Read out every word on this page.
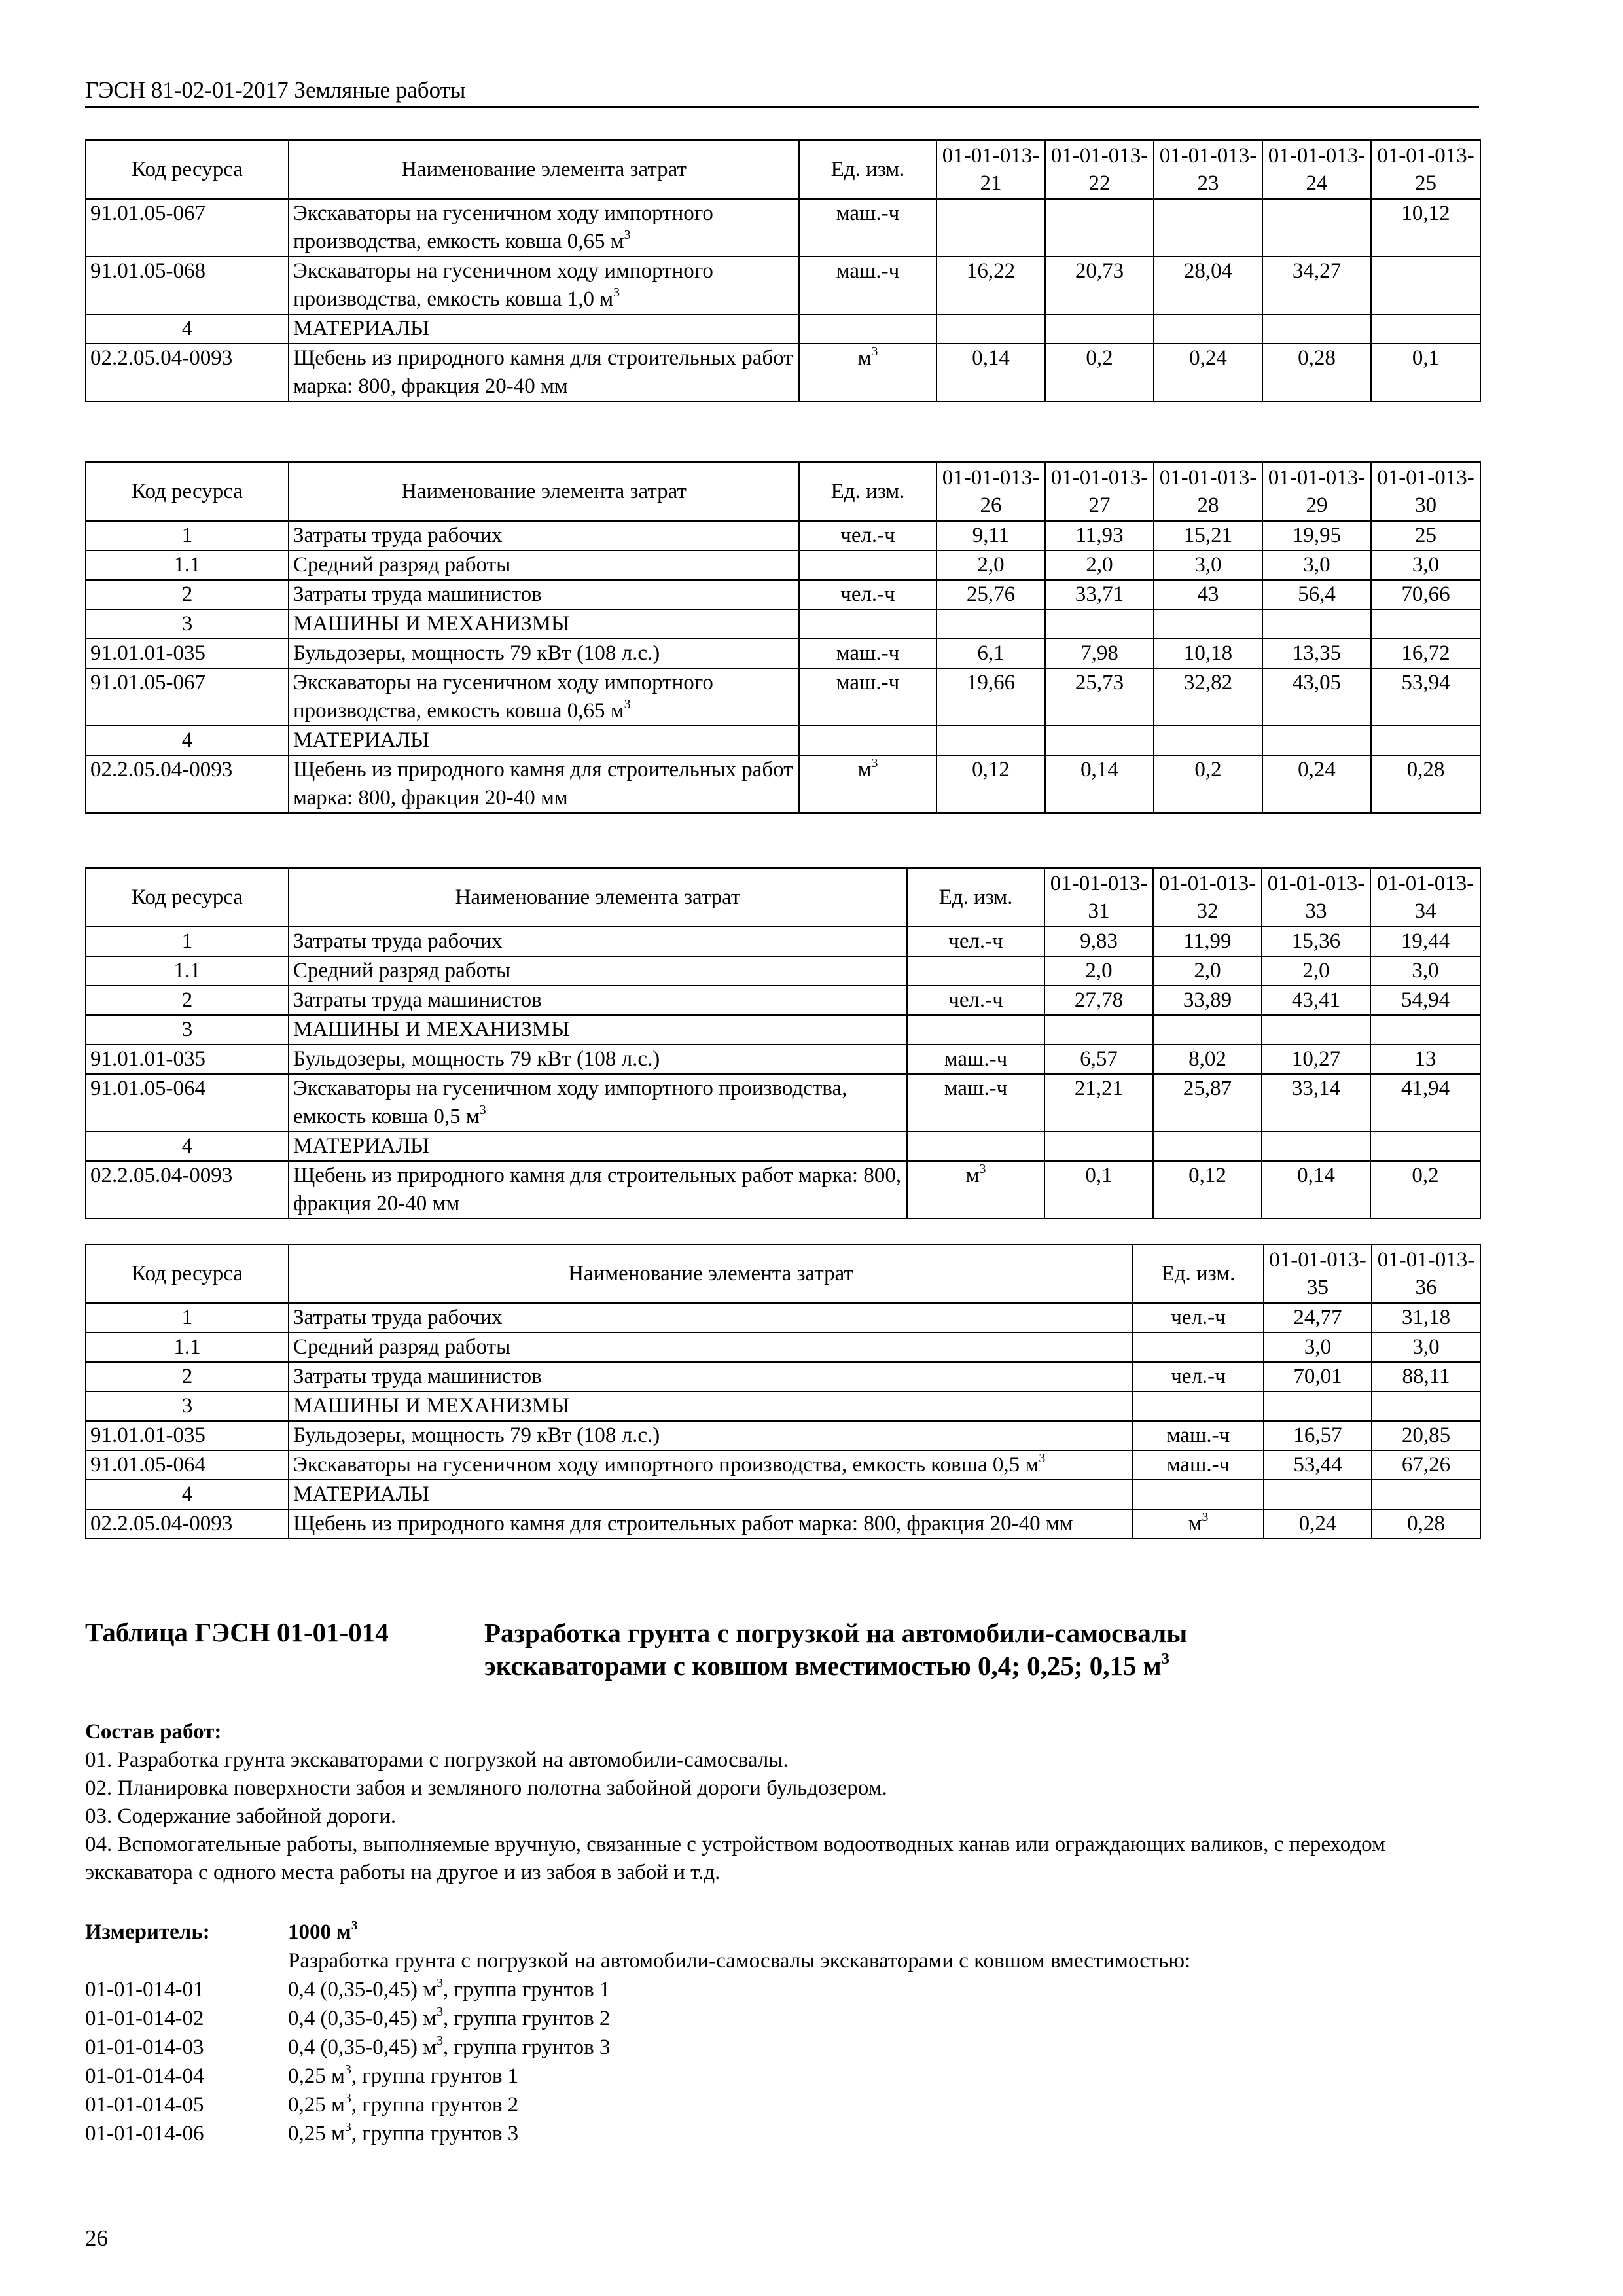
ГЭСН 81-02-01-2017 Земляные работы
Код ресурса	Наименование элемента затрат	Ед. изм.	01-01-013-21	01-01-013-22	01-01-013-23	01-01-013-24	01-01-013-25
91.01.05-067	Экскаваторы на гусеничном ходу импортного производства, емкость ковша 0,65 $м^3$	маш.-ч					10,12
91.01.05-068	Экскаваторы на гусеничном ходу импортного производства, емкость ковша 1,0 $м^3$	маш.-ч	16,22	20,73	28,04	34,27	
4	МАТЕРИАЛЫ						
02.2.05.04-0093	Щебень из природного камня для строительных работ марка: 800, фракция 20-40 мм	$м^3$	0,14	0,2	0,24	0,28	0,1
Код ресурса	Наименование элемента затрат	Ед. изм.	01-01-013-26	01-01-013-27	01-01-013-28	01-01-013-29	01-01-013-30
1	Затраты труда рабочих	чел.-ч	9,11	11,93	15,21	19,95	25
1.1	Средний разряд работы		2,0	2,0	3,0	3,0	3,0
2	Затраты труда машинистов	чел.-ч	25,76	33,71	43	56,4	70,66
3	МАШИНЫ И МЕХАНИЗМЫ						
91.01.01-035	Бульдозеры, мощность 79 кВт (108 л.с.)	маш.-ч	6,1	7,98	10,18	13,35	16,72
91.01.05-067	Экскаваторы на гусеничном ходу импортного производства, емкость ковша 0,65 $м^3$	маш.-ч	19,66	25,73	32,82	43,05	53,94
4	МАТЕРИАЛЫ						
02.2.05.04-0093	Щебень из природного камня для строительных работ марка: 800, фракция 20-40 мм	$м^3$	0,12	0,14	0,2	0,24	0,28
Код ресурса	Наименование элемента затрат	Ед. изм.	01-01-013-31	01-01-013-32	01-01-013-33	01-01-013-34
1	Затраты труда рабочих	чел.-ч	9,83	11,99	15,36	19,44
1.1	Средний разряд работы		2,0	2,0	2,0	3,0
2	Затраты труда машинистов	чел.-ч	27,78	33,89	43,41	54,94
3	МАШИНЫ И МЕХАНИЗМЫ					
91.01.01-035	Бульдозеры, мощность 79 кВт (108 л.с.)	маш.-ч	6,57	8,02	10,27	13
91.01.05-064	Экскаваторы на гусеничном ходу импортного производства, емкость ковша 0,5 $м^3$	маш.-ч	21,21	25,87	33,14	41,94
4	МАТЕРИАЛЫ					
02.2.05.04-0093	Щебень из природного камня для строительных работ марка: 800, фракция 20-40 мм	$м^3$	0,1	0,12	0,14	0,2
Код ресурса	Наименование элемента затрат	Ед. изм.	01-01-013-35	01-01-013-36
1	Затраты труда рабочих	чел.-ч	24,77	31,18
1.1	Средний разряд работы		3,0	3,0
2	Затраты труда машинистов	чел.-ч	70,01	88,11
3	МАШИНЫ И МЕХАНИЗМЫ			
91.01.01-035	Бульдозеры, мощность 79 кВт (108 л.с.)	маш.-ч	16,57	20,85
91.01.05-064	Экскаваторы на гусеничном ходу импортного производства, емкость ковша 0,5 $м^3$	маш.-ч	53,44	67,26
4	МАТЕРИАЛЫ			
02.2.05.04-0093	Щебень из природного камня для строительных работ марка: 800, фракция 20-40 мм	$м^3$	0,24	0,28
Таблица ГЭСН 01-01-014	Разработка грунта с погрузкой на автомобили-самосвалы
экскаваторами с ковшом вместимостью 0,4; 0,25; 0,15 $м^3$
Состав работ:
01. Разработка грунта экскаваторами с погрузкой на автомобили-самосвалы.
02. Планировка поверхности забоя и земляного полотна забойной дороги бульдозером.
03. Содержание забойной дороги.
04. Вспомогательные работы, выполняемые вручную, связанные с устройством водоотводных канав или ограждающих валиков, с переходом экскаватора с одного места работы на другое и из забоя в забой и т.д.
Измеритель:	1000 $м^3$
Разработка грунта с погрузкой на автомобили-самосвалы экскаваторами с ковшом вместимостью:
01-01-014-01	0,4 (0,35-0,45) $м^3$, группа грунтов 1
01-01-014-02	0,4 (0,35-0,45) $м^3$, группа грунтов 2
01-01-014-03	0,4 (0,35-0,45) $м^3$, группа грунтов 3
01-01-014-04	0,25 $м^3$, группа грунтов 1
01-01-014-05	0,25 $м^3$, группа грунтов 2
01-01-014-06	0,25 $м^3$, группа грунтов 3
26
